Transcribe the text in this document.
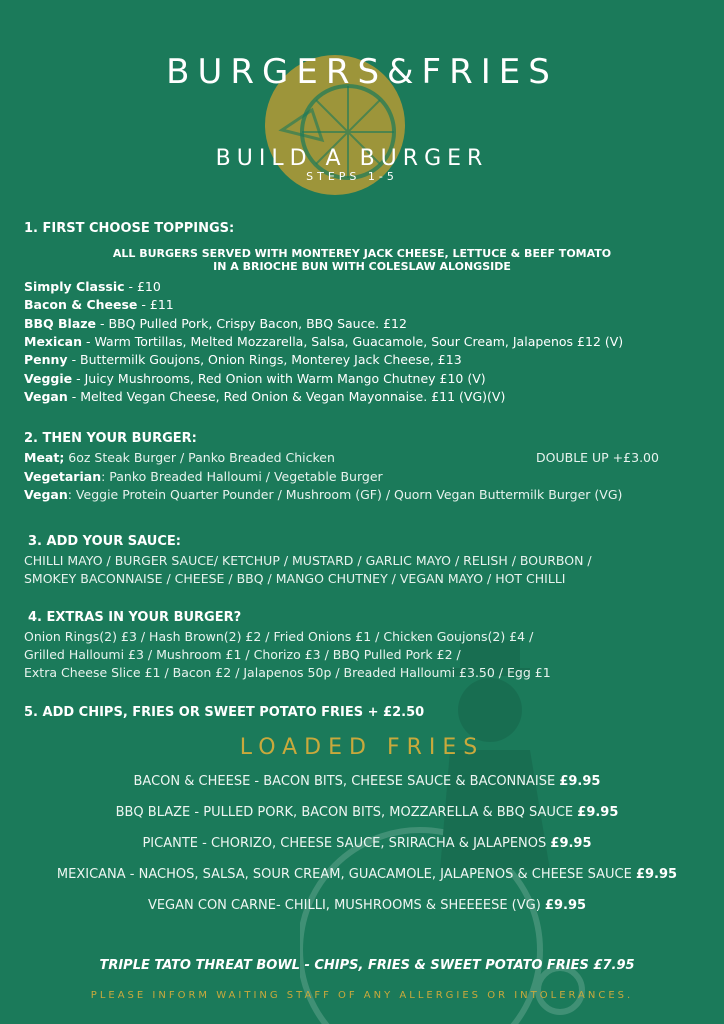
BURGERS&FRIES
BUILD A BURGER
STEPS 1-5
1. FIRST CHOOSE TOPPINGS:
ALL BURGERS SERVED WITH MONTEREY JACK CHEESE, LETTUCE & BEEF TOMATO
IN A BRIOCHE BUN WITH COLESLAW ALONGSIDE
Simply Classic - £10
Bacon & Cheese - £11
BBQ Blaze - BBQ Pulled Pork, Crispy Bacon, BBQ Sauce. £12
Mexican - Warm Tortillas, Melted Mozzarella, Salsa, Guacamole, Sour Cream, Jalapenos £12 (V)
Penny - Buttermilk Goujons, Onion Rings, Monterey Jack Cheese, £13
Veggie - Juicy Mushrooms, Red Onion with Warm Mango Chutney £10 (V)
Vegan - Melted Vegan Cheese, Red Onion & Vegan Mayonnaise. £11 (VG)(V)
2. THEN YOUR BURGER:
Meat; 6oz Steak Burger / Panko Breaded Chicken	DOUBLE UP +£3.00
Vegetarian: Panko Breaded Halloumi / Vegetable Burger
Vegan: Veggie Protein Quarter Pounder / Mushroom (GF) / Quorn Vegan Buttermilk Burger (VG)
3. ADD YOUR SAUCE:
CHILLI MAYO / BURGER SAUCE/ KETCHUP / MUSTARD / GARLIC MAYO / RELISH / BOURBON /
SMOKEY BACONNAISE / CHEESE / BBQ / MANGO CHUTNEY / VEGAN MAYO / HOT CHILLI
4. EXTRAS IN YOUR BURGER?
Onion Rings(2) £3 / Hash Brown(2) £2 / Fried Onions £1 / Chicken Goujons(2) £4 /
Grilled Halloumi £3 / Mushroom £1 / Chorizo £3 / BBQ Pulled Pork £2 /
Extra Cheese Slice £1 / Bacon £2 / Jalapenos 50p / Breaded Halloumi £3.50 / Egg £1
5. ADD CHIPS, FRIES OR SWEET POTATO FRIES + £2.50
LOADED FRIES
BACON & CHEESE - BACON BITS, CHEESE SAUCE & BACONNAISE £9.95
BBQ BLAZE - PULLED PORK, BACON BITS, MOZZARELLA & BBQ SAUCE £9.95
PICANTE - CHORIZO, CHEESE SAUCE, SRIRACHA & JALAPENOS £9.95
MEXICANA - NACHOS, SALSA, SOUR CREAM, GUACAMOLE, JALAPENOS & CHEESE SAUCE £9.95
VEGAN CON CARNE- CHILLI, MUSHROOMS & SHEEEESE (VG) £9.95
TRIPLE TATO THREAT BOWL - CHIPS, FRIES & SWEET POTATO FRIES £7.95
PLEASE INFORM WAITING STAFF OF ANY ALLERGIES OR INTOLERANCES.
